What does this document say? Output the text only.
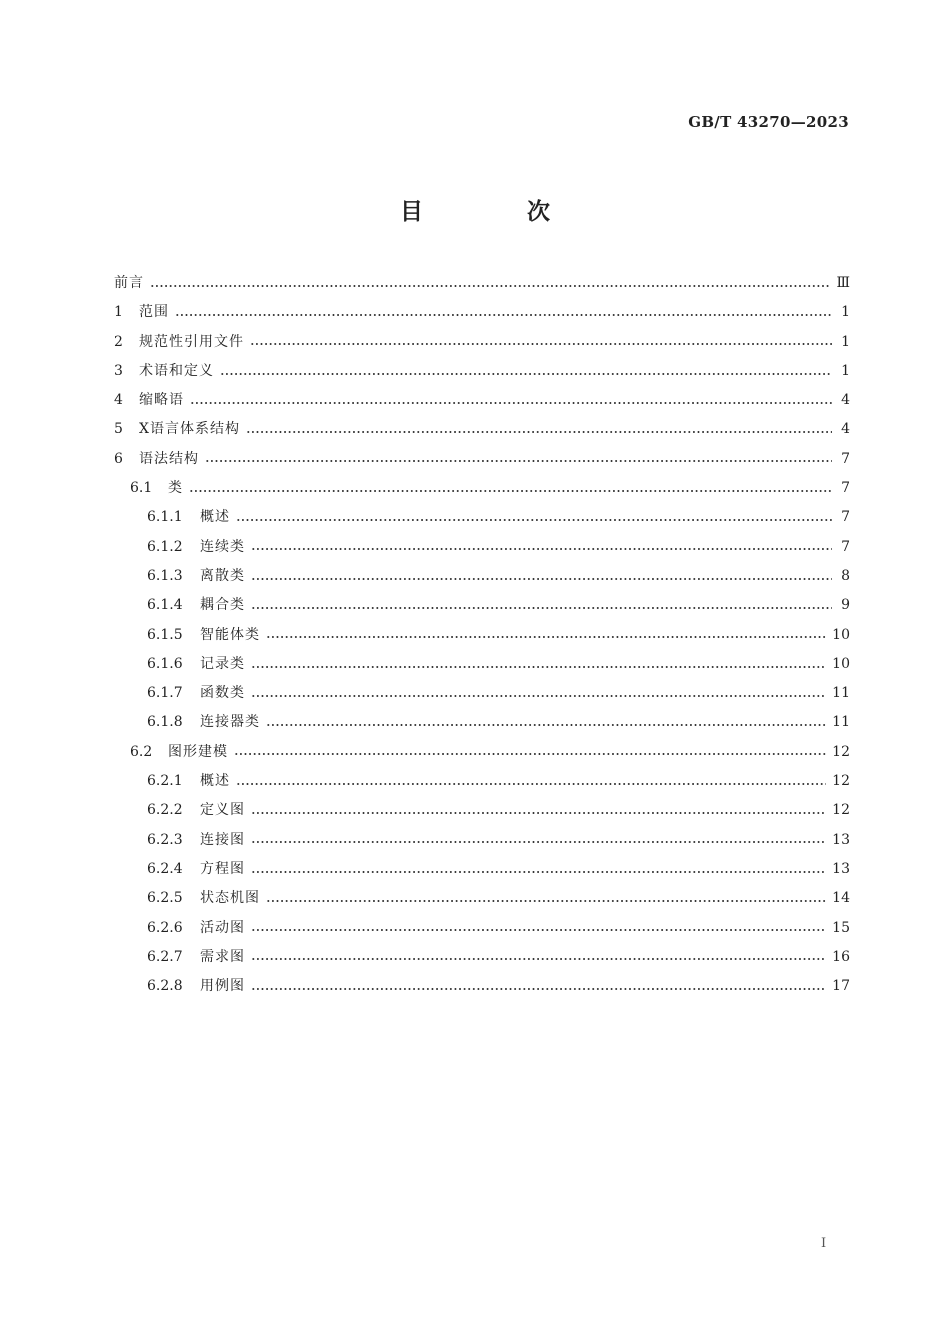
GB/T 43270—2023
目 次
前言	Ⅲ
1	范围	1
2	规范性引用文件	1
3	术语和定义	1
4	缩略语	4
5	X语言体系结构	4
6	语法结构	7
6.1	类	7
6.1.1	概述	7
6.1.2	连续类	7
6.1.3	离散类	8
6.1.4	耦合类	9
6.1.5	智能体类	10
6.1.6	记录类	10
6.1.7	函数类	11
6.1.8	连接器类	11
6.2	图形建模	12
6.2.1	概述	12
6.2.2	定义图	12
6.2.3	连接图	13
6.2.4	方程图	13
6.2.5	状态机图	14
6.2.6	活动图	15
6.2.7	需求图	16
6.2.8	用例图	17
I
